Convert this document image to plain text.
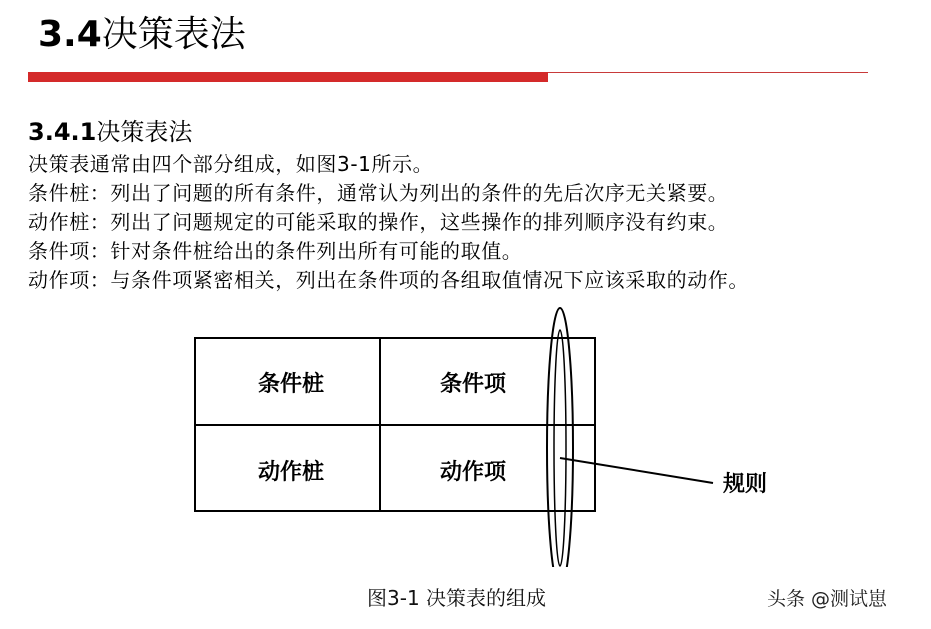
3.4决策表法
3.4.1决策表法
决策表通常由四个部分组成，如图3-1所示。
条件桩：列出了问题的所有条件，通常认为列出的条件的先后次序无关紧要。
动作桩：列出了问题规定的可能采取的操作，这些操作的排列顺序没有约束。
条件项：针对条件桩给出的条件列出所有可能的取值。
动作项：与条件项紧密相关，列出在条件项的各组取值情况下应该采取的动作。
条件桩	条件项
动作桩	动作项	规则
图3-1 决策表的组成	头条 @测试崽
